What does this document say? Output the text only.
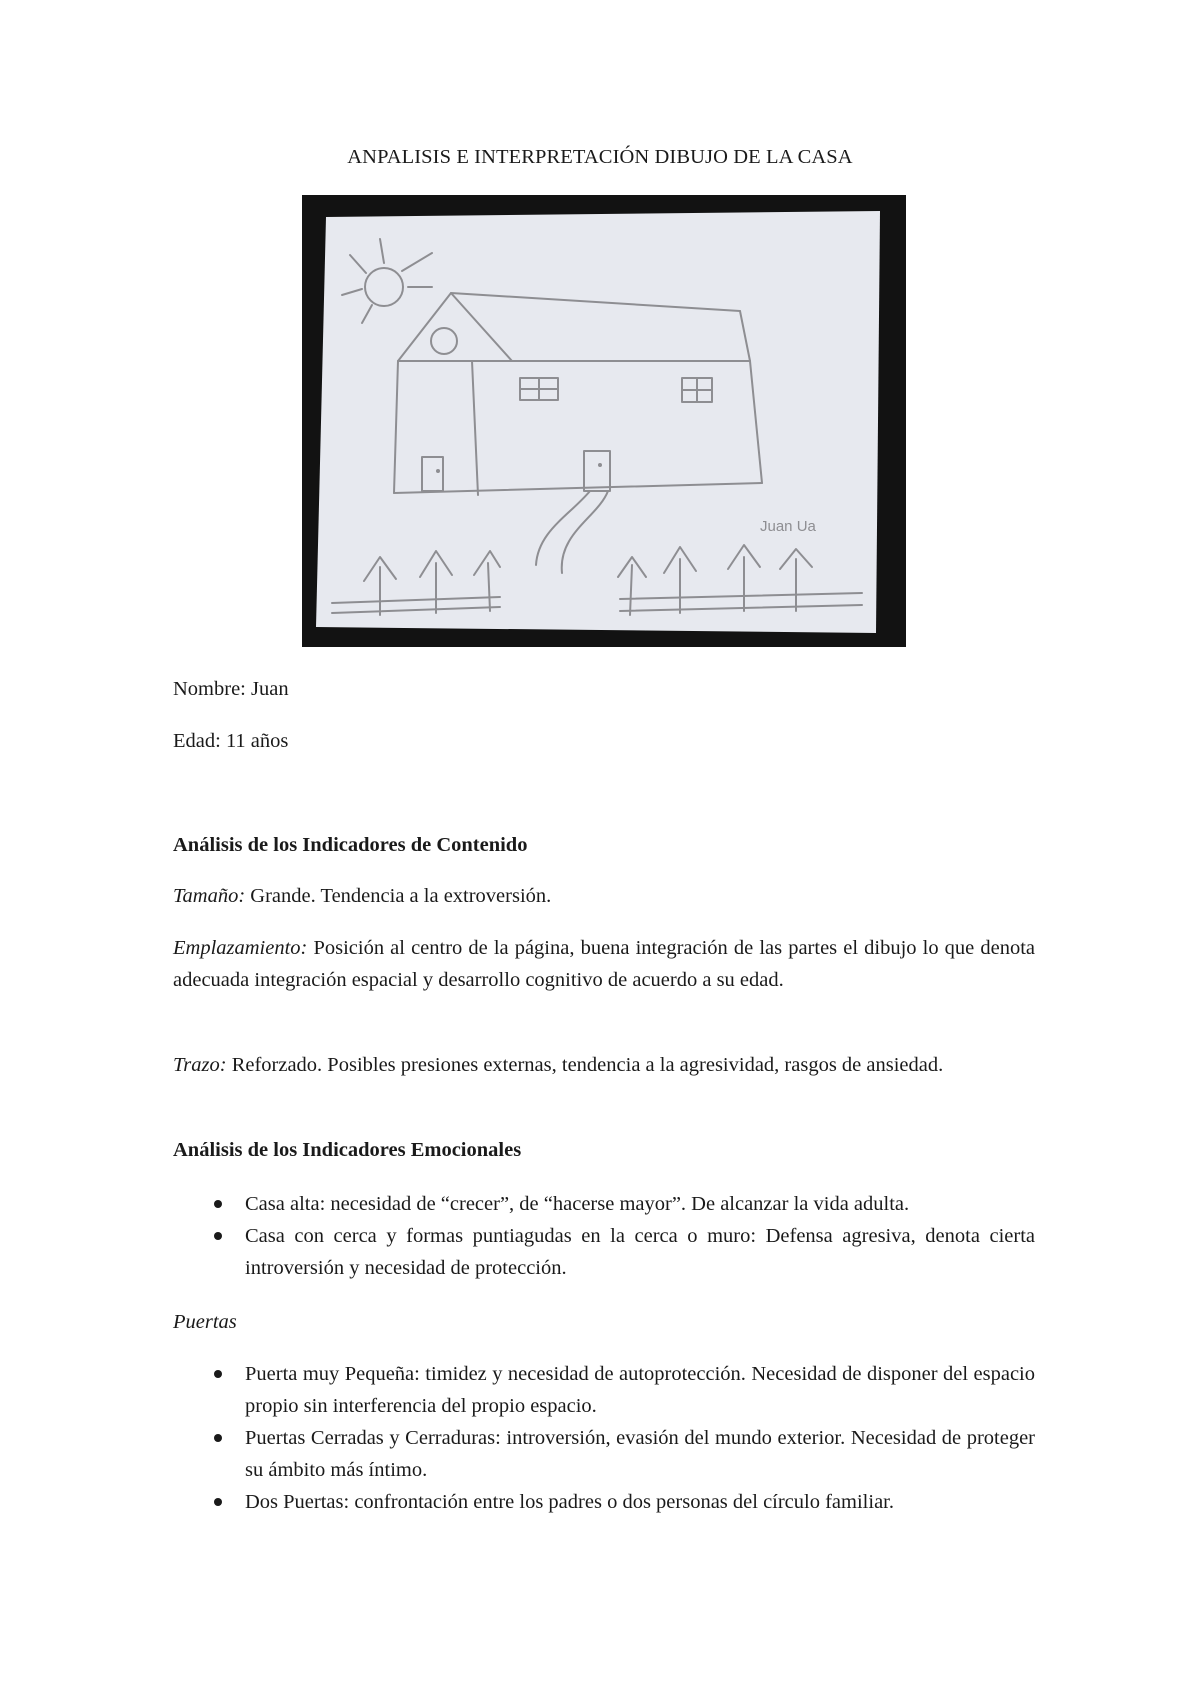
ANPALISIS E INTERPRETACIÓN DIBUJO DE LA CASA
Juan Ua
Nombre: Juan
Edad: 11 años
Análisis de los Indicadores de Contenido

Tamaño: Grande. Tendencia a la extroversión.

Emplazamiento: Posición al centro de la página, buena integración de las partes el dibujo lo que denota adecuada integración espacial y desarrollo cognitivo de acuerdo a su edad.

Trazo: Reforzado. Posibles presiones externas, tendencia a la agresividad, rasgos de ansiedad.

Análisis de los Indicadores Emocionales
Casa alta: necesidad de “crecer”, de “hacerse mayor”. De alcanzar la vida adulta.
Casa con cerca y formas puntiagudas en la cerca o muro: Defensa agresiva, denota cierta introversión y necesidad de protección.
Puertas
Puerta muy Pequeña: timidez y necesidad de autoprotección. Necesidad de disponer del espacio propio sin interferencia del propio espacio.
Puertas Cerradas y Cerraduras: introversión, evasión del mundo exterior. Necesidad de proteger su ámbito más íntimo.
Dos Puertas: confrontación entre los padres o dos personas del círculo familiar.
